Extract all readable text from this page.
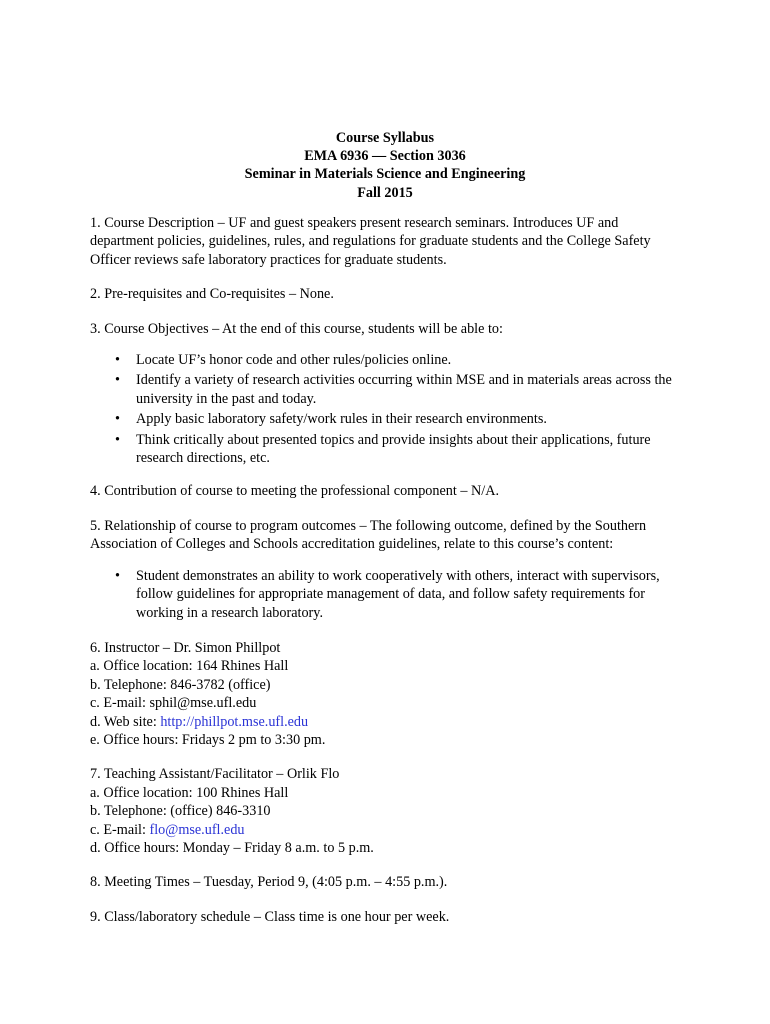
Course Syllabus
EMA 6936 — Section 3036
Seminar in Materials Science and Engineering
Fall 2015

1. Course Description – UF and guest speakers present research seminars. Introduces UF and department policies, guidelines, rules, and regulations for graduate students and the College Safety Officer reviews safe laboratory practices for graduate students.

2. Pre-requisites and Co-requisites – None.

3. Course Objectives – At the end of this course, students will be able to:

• Locate UF’s honor code and other rules/policies online.
• Identify a variety of research activities occurring within MSE and in materials areas across the university in the past and today.
• Apply basic laboratory safety/work rules in their research environments.
• Think critically about presented topics and provide insights about their applications, future research directions, etc.

4. Contribution of course to meeting the professional component – N/A.

5. Relationship of course to program outcomes – The following outcome, defined by the Southern Association of Colleges and Schools accreditation guidelines, relate to this course’s content:

• Student demonstrates an ability to work cooperatively with others, interact with supervisors, follow guidelines for appropriate management of data, and follow safety requirements for working in a research laboratory.
6. Instructor – Dr. Simon Phillpot
a. Office location: 164 Rhines Hall
b. Telephone: 846-3782 (office)
c. E-mail: sphil@mse.ufl.edu
d. Web site: http://phillpot.mse.ufl.edu
e. Office hours: Fridays 2 pm to 3:30 pm.
7. Teaching Assistant/Facilitator – Orlik Flo
a. Office location: 100 Rhines Hall
b. Telephone: (office) 846-3310
c. E-mail: flo@mse.ufl.edu
d. Office hours: Monday – Friday 8 a.m. to 5 p.m.

8. Meeting Times – Tuesday, Period 9, (4:05 p.m. – 4:55 p.m.).

9. Class/laboratory schedule – Class time is one hour per week.
